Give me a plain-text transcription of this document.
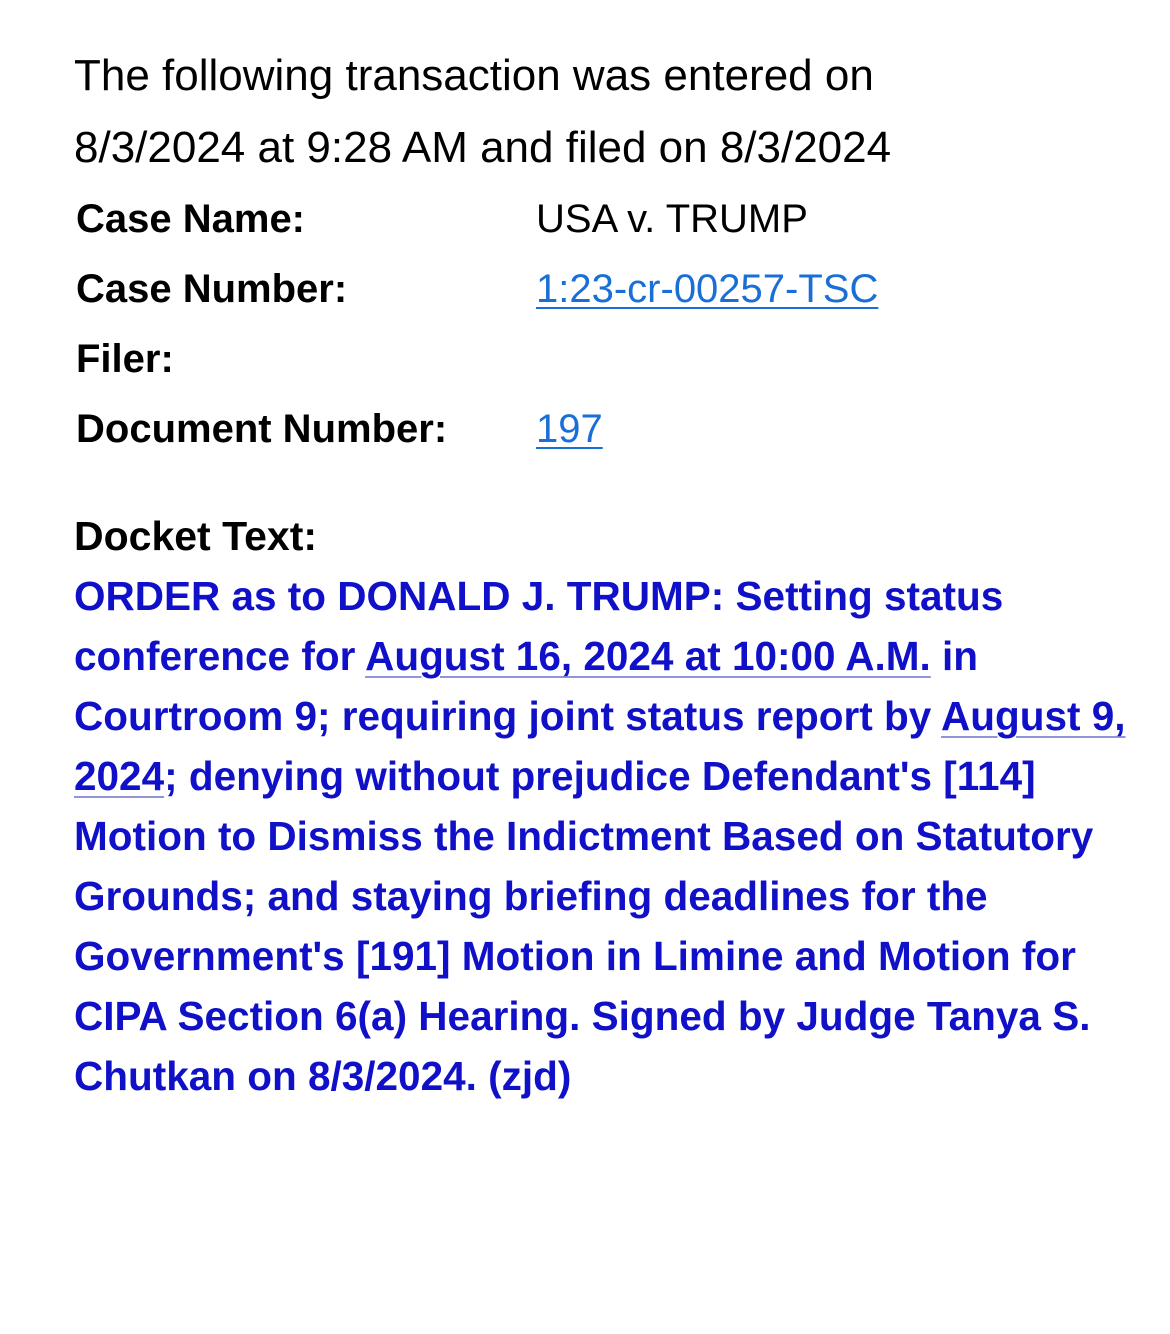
The following transaction was entered on
8/3/2024 at 9:28 AM and filed on 8/3/2024

Case Name:	USA v. TRUMP
Case Number:	1:23-cr-00257-TSC
Filer:	
Document Number:	197
Docket Text:

ORDER as to DONALD J. TRUMP: Setting status conference for August 16, 2024 at 10:00 A.M. in Courtroom 9; requiring joint status report by August 9, 2024; denying without prejudice Defendant's [114] Motion to Dismiss the Indictment Based on Statutory Grounds; and staying briefing deadlines for the Government's [191] Motion in Limine and Motion for CIPA Section 6(a) Hearing. Signed by Judge Tanya S. Chutkan on 8/3/2024. (zjd)
